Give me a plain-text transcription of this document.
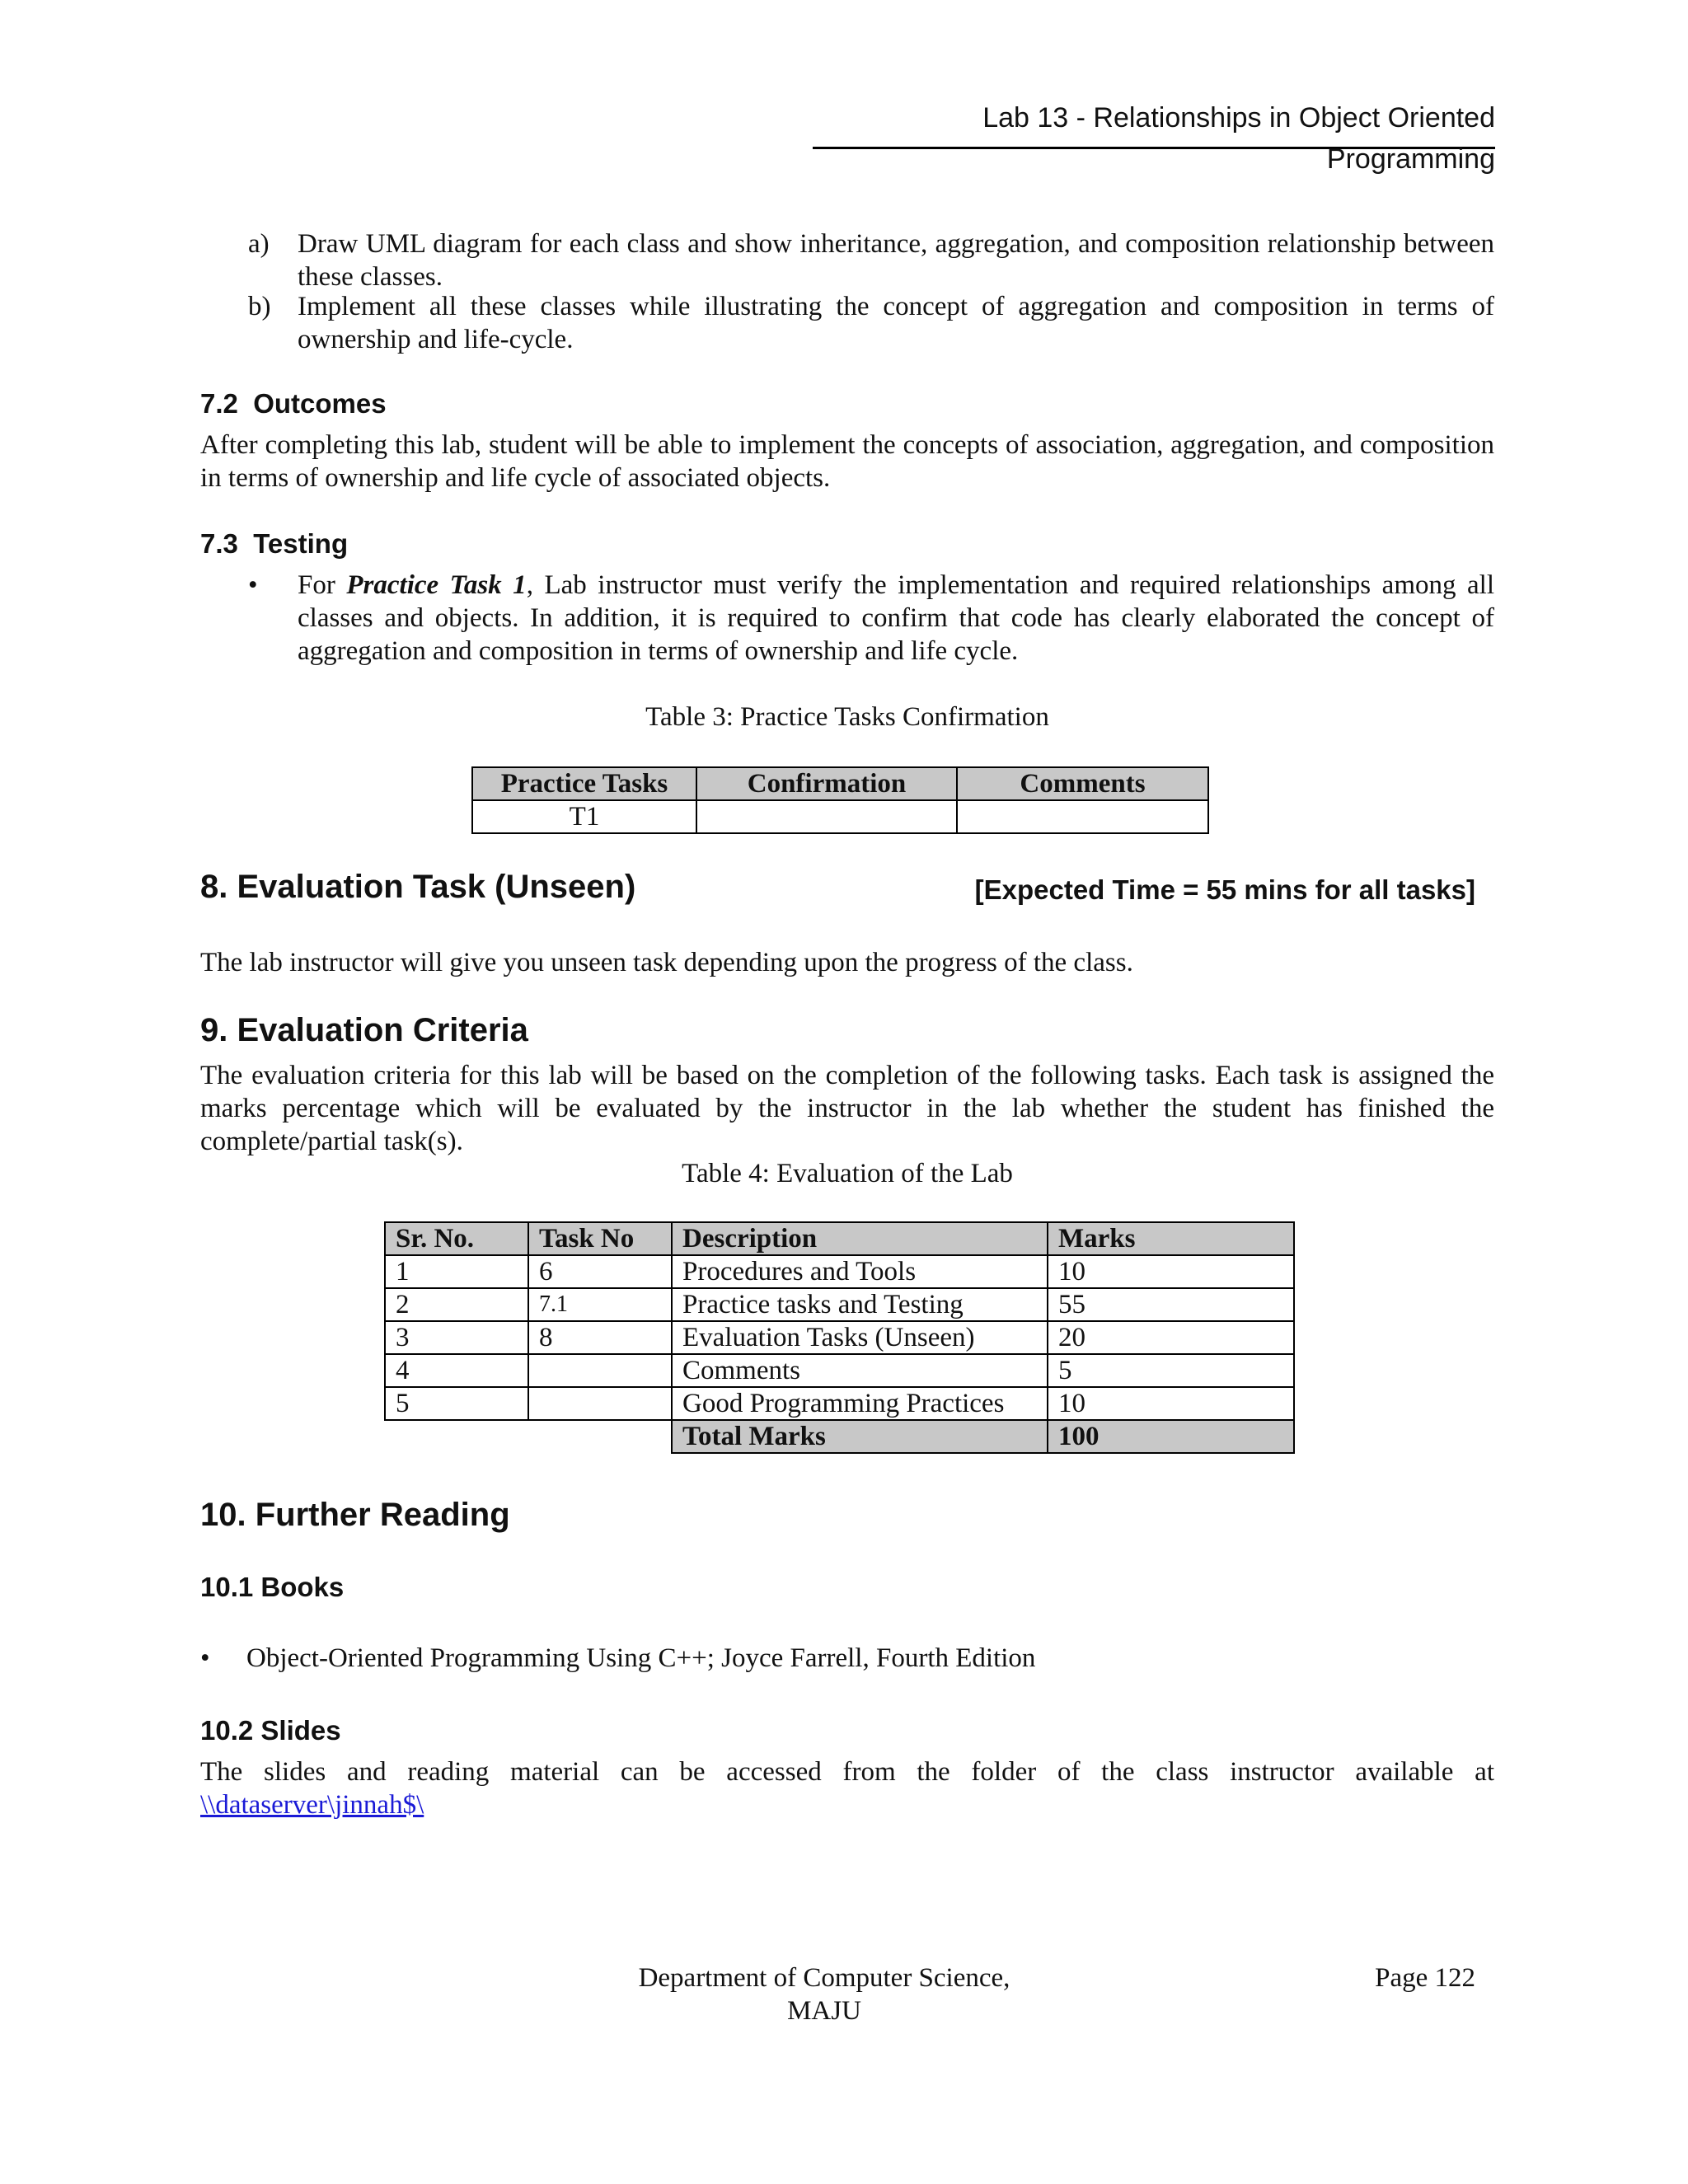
Lab 13 - Relationships in Object Oriented Programming
a) Draw UML diagram for each class and show inheritance, aggregation, and composition relationship between these classes.
b) Implement all these classes while illustrating the concept of aggregation and composition in terms of ownership and life-cycle.
7.2 Outcomes
After completing this lab, student will be able to implement the concepts of association, aggregation, and composition in terms of ownership and life cycle of associated objects.
7.3 Testing
• For Practice Task 1, Lab instructor must verify the implementation and required relationships among all classes and objects. In addition, it is required to confirm that code has clearly elaborated the concept of aggregation and composition in terms of ownership and life cycle.
Table 3: Practice Tasks Confirmation
Practice Tasks	Confirmation	Comments
T1		
8. Evaluation Task (Unseen)	[Expected Time = 55 mins for all tasks]
The lab instructor will give you unseen task depending upon the progress of the class.
9. Evaluation Criteria
The evaluation criteria for this lab will be based on the completion of the following tasks. Each task is assigned the marks percentage which will be evaluated by the instructor in the lab whether the student has finished the complete/partial task(s).
Table 4: Evaluation of the Lab
Sr. No.	Task No	Description	Marks
1	6	Procedures and Tools	10
2	7.1	Practice tasks and Testing	55
3	8	Evaluation Tasks (Unseen)	20
4		Comments	5
5		Good Programming Practices	10
		Total Marks	100
10. Further Reading
10.1 Books
• Object-Oriented Programming Using C++; Joyce Farrell, Fourth Edition
10.2 Slides
The slides and reading material can be accessed from the folder of the class instructor available at
\\dataserver\jinnah$\
Department of Computer Science,
MAJU
Page 122
